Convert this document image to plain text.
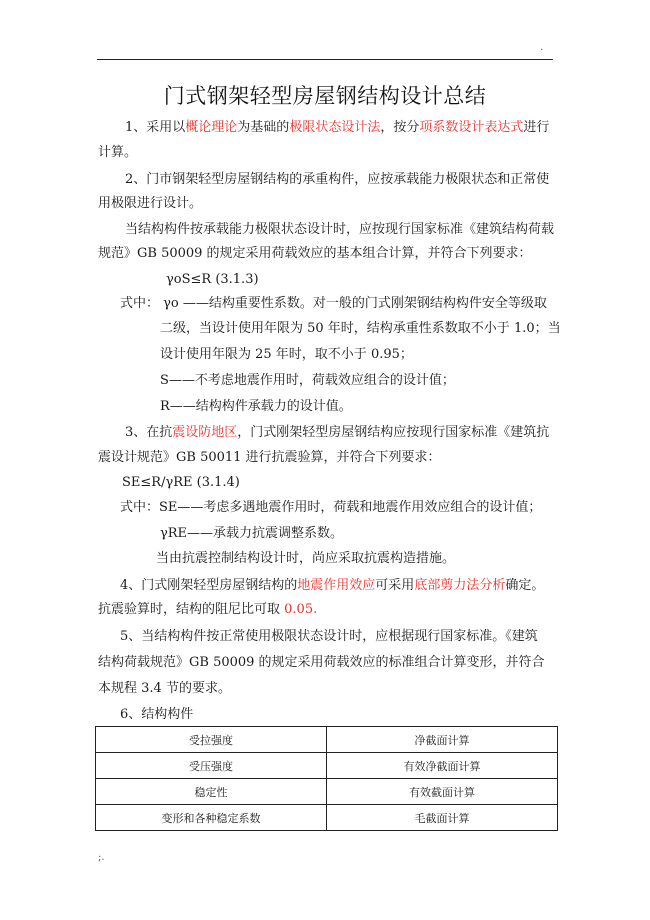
.
门式钢架轻型房屋钢结构设计总结
1、采用以概论理论为基础的极限状态设计法，按分项系数设计表达式进行
计算。
2、门市钢架轻型房屋钢结构的承重构件，应按承载能力极限状态和正常使
用极限进行设计。
当结构构件按承载能力极限状态设计时，应按现行国家标准《建筑结构荷载
规范》GB 50009 的规定采用荷载效应的基本组合计算，并符合下列要求：
γoS≤R (3.1.3)
式中： γo ——结构重要性系数。对一般的门式刚架钢结构构件安全等级取
二级，当设计使用年限为 50 年时，结构承重性系数取不小于 1.0；当
设计使用年限为 25 年时，取不小于 0.95；
S——不考虑地震作用时，荷载效应组合的设计值；
R——结构构件承载力的设计值。
3、在抗震设防地区，门式刚架轻型房屋钢结构应按现行国家标准《建筑抗
震设计规范》GB 50011 进行抗震验算，并符合下列要求：
SE≤R/γRE (3.1.4)
式中：SE——考虑多遇地震作用时，荷载和地震作用效应组合的设计值；
γRE——承载力抗震调整系数。
当由抗震控制结构设计时，尚应采取抗震构造措施。
4、门式刚架轻型房屋钢结构的地震作用效应可采用底部剪力法分析确定。
抗震验算时，结构的阻尼比可取 0.05.
5、当结构构件按正常使用极限状态设计时，应根据现行国家标准。《建筑
结构荷载规范》GB 50009 的规定采用荷载效应的标准组合计算变形，并符合
本规程 3.4 节的要求。
6、结构构件
受拉强度	净截面计算
受压强度	有效净截面计算
稳定性	有效截面计算
变形和各种稳定系数	毛截面计算
;.
